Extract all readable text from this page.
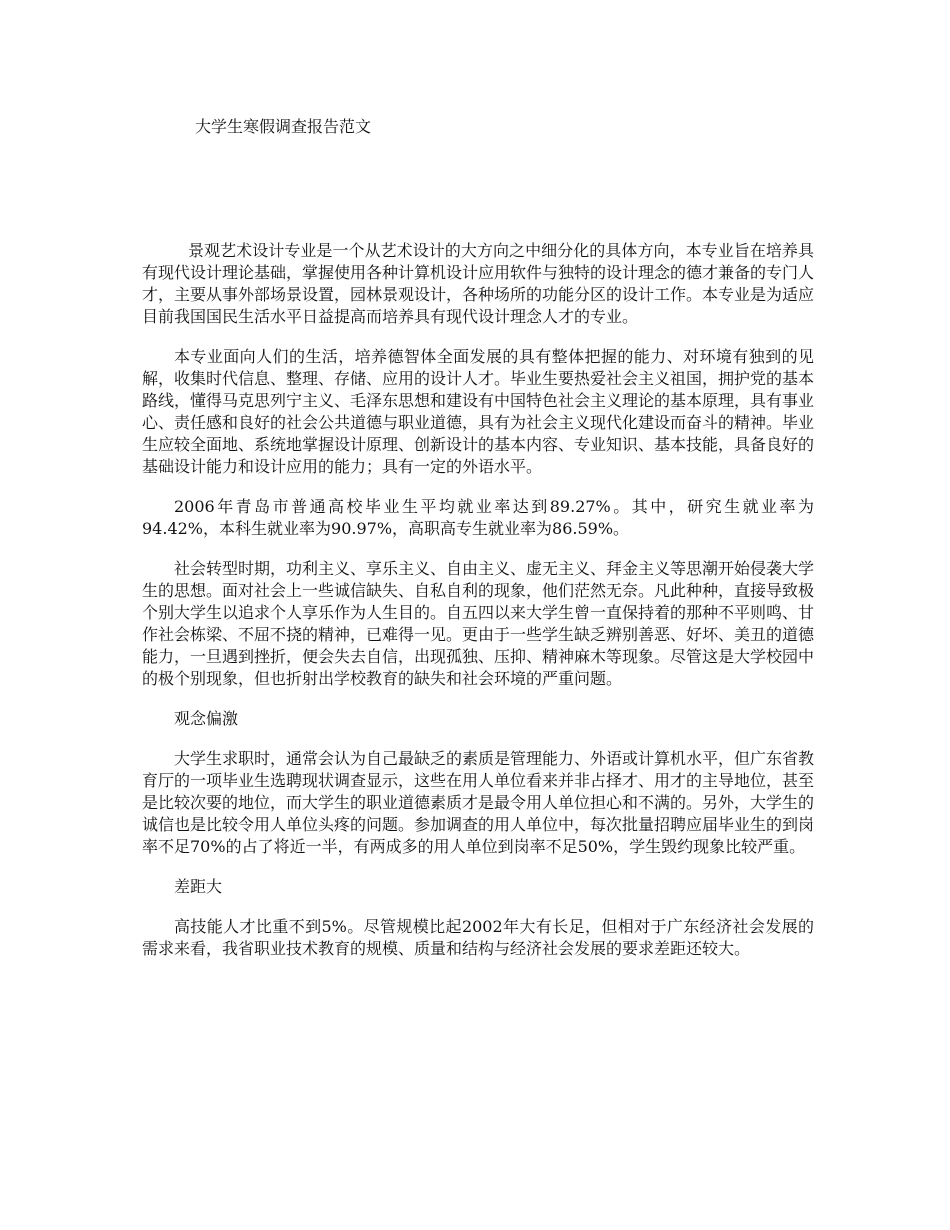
大学生寒假调查报告范文

景观艺术设计专业是一个从艺术设计的大方向之中细分化的具体方向，本专业旨在培养具有现代设计理论基础，掌握使用各种计算机设计应用软件与独特的设计理念的德才兼备的专门人才，主要从事外部场景设置，园林景观设计，各种场所的功能分区的设计工作。本专业是为适应目前我国国民生活水平日益提高而培养具有现代设计理念人才的专业。

本专业面向人们的生活，培养德智体全面发展的具有整体把握的能力、对环境有独到的见解，收集时代信息、整理、存储、应用的设计人才。毕业生要热爱社会主义祖国，拥护党的基本路线，懂得马克思列宁主义、毛泽东思想和建设有中国特色社会主义理论的基本原理，具有事业心、责任感和良好的社会公共道德与职业道德，具有为社会主义现代化建设而奋斗的精神。毕业生应较全面地、系统地掌握设计原理、创新设计的基本内容、专业知识、基本技能，具备良好的基础设计能力和设计应用的能力；具有一定的外语水平。

2006年青岛市普通高校毕业生平均就业率达到89.27%。其中，研究生就业率为94.42%，本科生就业率为90.97%，高职高专生就业率为86.59%。

社会转型时期，功利主义、享乐主义、自由主义、虚无主义、拜金主义等思潮开始侵袭大学生的思想。面对社会上一些诚信缺失、自私自利的现象，他们茫然无奈。凡此种种，直接导致极个别大学生以追求个人享乐作为人生目的。自五四以来大学生曾一直保持着的那种不平则鸣、甘作社会栋梁、不屈不挠的精神，已难得一见。更由于一些学生缺乏辨别善恶、好坏、美丑的道德能力，一旦遇到挫折，便会失去自信，出现孤独、压抑、精神麻木等现象。尽管这是大学校园中的极个别现象，但也折射出学校教育的缺失和社会环境的严重问题。

观念偏激

大学生求职时，通常会认为自己最缺乏的素质是管理能力、外语或计算机水平，但广东省教育厅的一项毕业生选聘现状调查显示，这些在用人单位看来并非占择才、用才的主导地位，甚至是比较次要的地位，而大学生的职业道德素质才是最令用人单位担心和不满的。另外，大学生的诚信也是比较令用人单位头疼的问题。参加调查的用人单位中，每次批量招聘应届毕业生的到岗率不足70%的占了将近一半，有两成多的用人单位到岗率不足50%，学生毁约现象比较严重。

差距大

高技能人才比重不到5%。尽管规模比起2002年大有长足，但相对于广东经济社会发展的需求来看，我省职业技术教育的规模、质量和结构与经济社会发展的要求差距还较大。
